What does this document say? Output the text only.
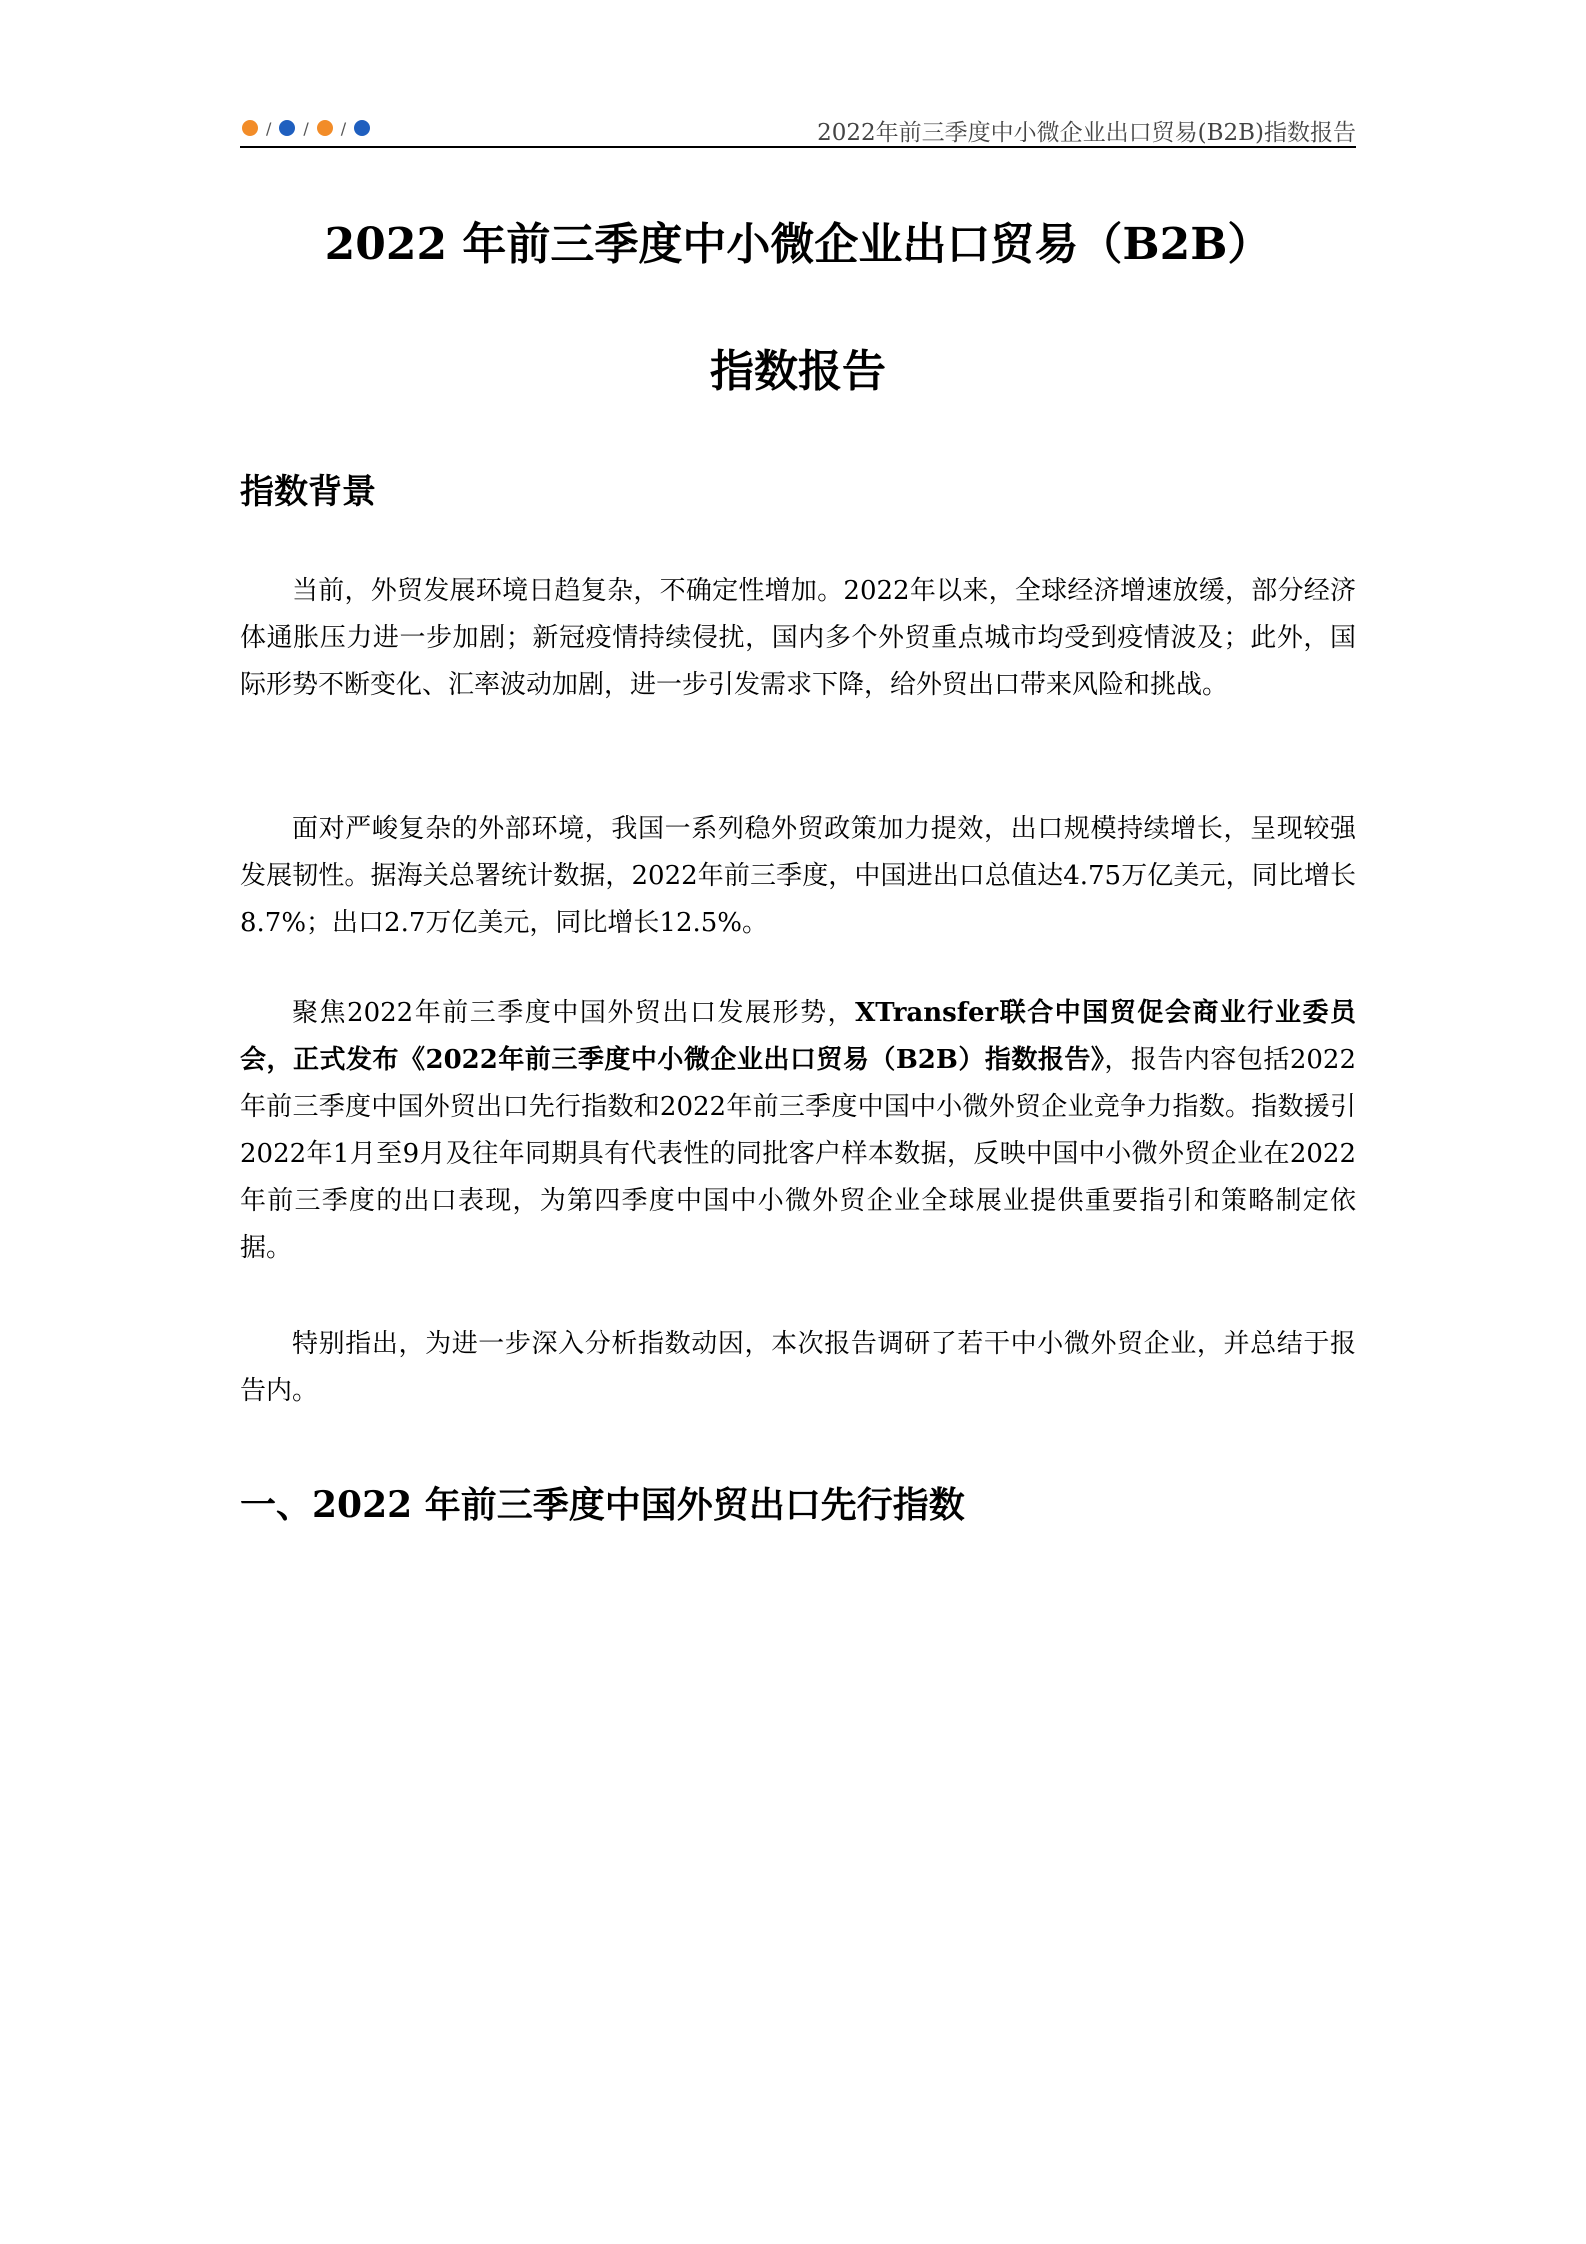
/ / /	2022年前三季度中小微企业出口贸易(B2B)指数报告
2022 年前三季度中小微企业出口贸易（B2B）
指数报告
指数背景

当前，外贸发展环境日趋复杂，不确定性增加。2022年以来，全球经济增速放缓，部分经济体通胀压力进一步加剧；新冠疫情持续侵扰，国内多个外贸重点城市均受到疫情波及；此外，国际形势不断变化、汇率波动加剧，进一步引发需求下降，给外贸出口带来风险和挑战。

面对严峻复杂的外部环境，我国一系列稳外贸政策加力提效，出口规模持续增长，呈现较强发展韧性。据海关总署统计数据，2022年前三季度，中国进出口总值达4.75万亿美元，同比增长8.7%；出口2.7万亿美元，同比增长12.5%。

聚焦2022年前三季度中国外贸出口发展形势，XTransfer联合中国贸促会商业行业委员会，正式发布《2022年前三季度中小微企业出口贸易（B2B）指数报告》，报告内容包括2022年前三季度中国外贸出口先行指数和2022年前三季度中国中小微外贸企业竞争力指数。指数援引2022年1月至9月及往年同期具有代表性的同批客户样本数据，反映中国中小微外贸企业在2022年前三季度的出口表现，为第四季度中国中小微外贸企业全球展业提供重要指引和策略制定依据。

特别指出，为进一步深入分析指数动因，本次报告调研了若干中小微外贸企业，并总结于报告内。

一、2022 年前三季度中国外贸出口先行指数
